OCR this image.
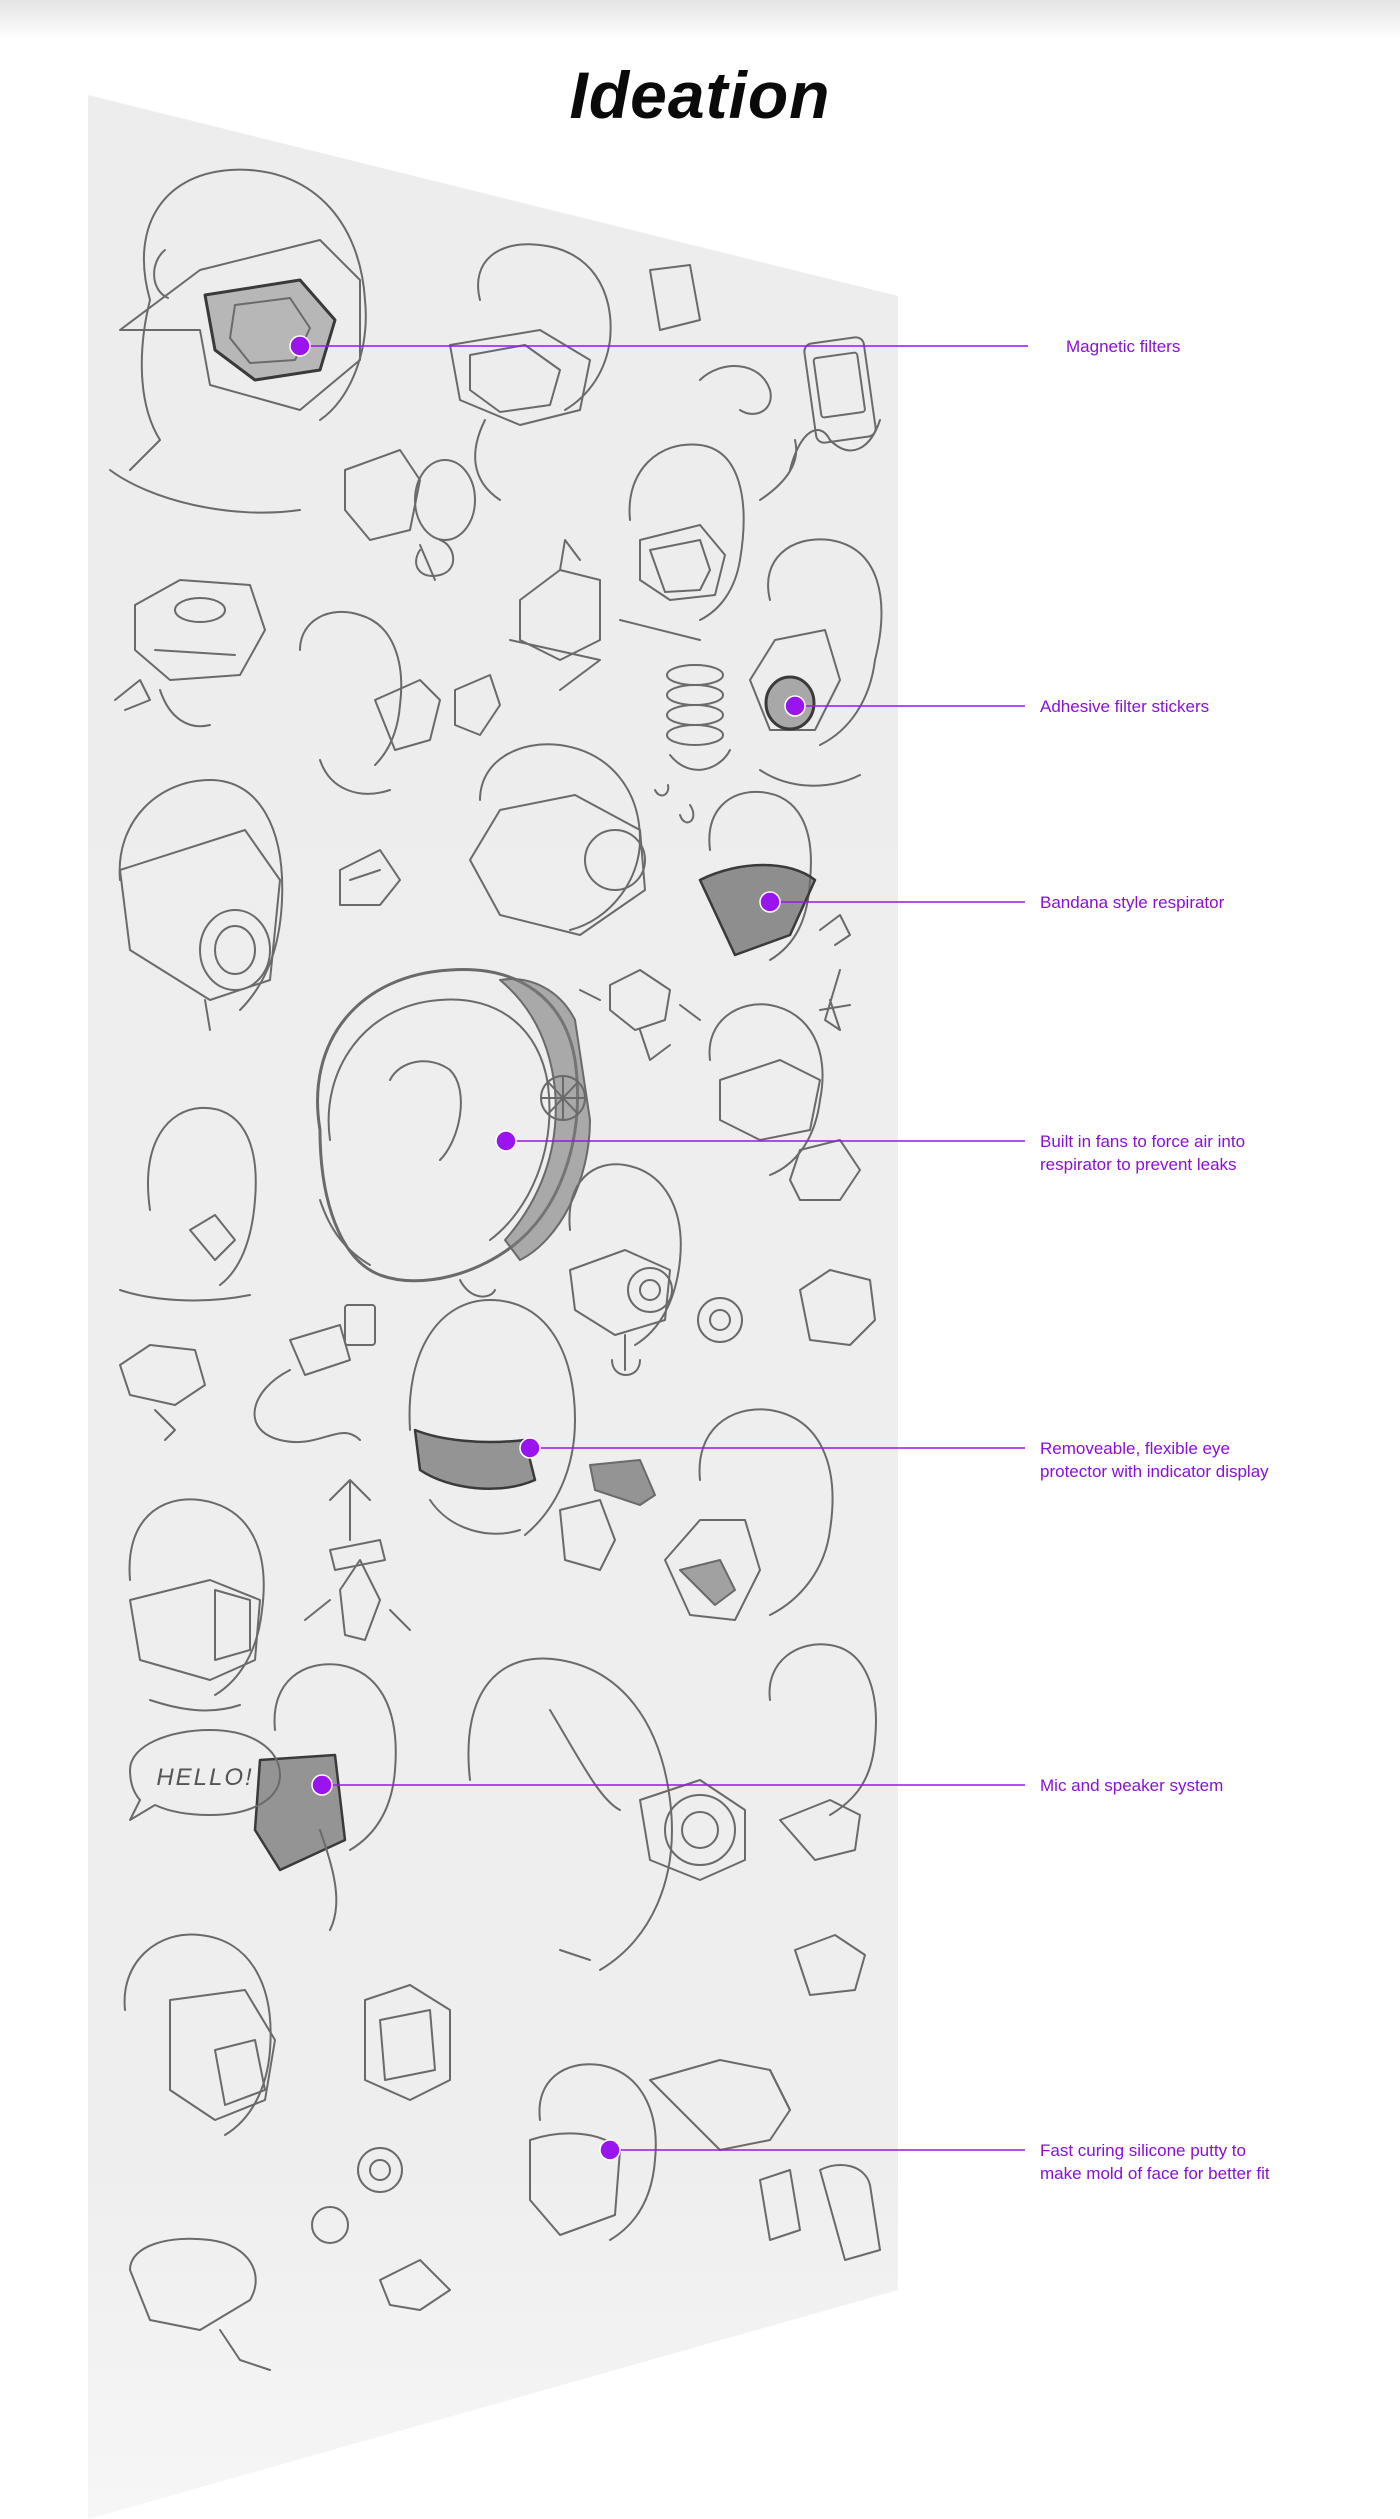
Ideation
HELLO!
Magnetic filters
Adhesive filter stickers
Bandana style respirator
Built in fans to force air into
respirator to prevent leaks
Removeable, flexible eye
protector with indicator display
Mic and speaker system
Fast curing silicone putty to
make mold of face for better fit
